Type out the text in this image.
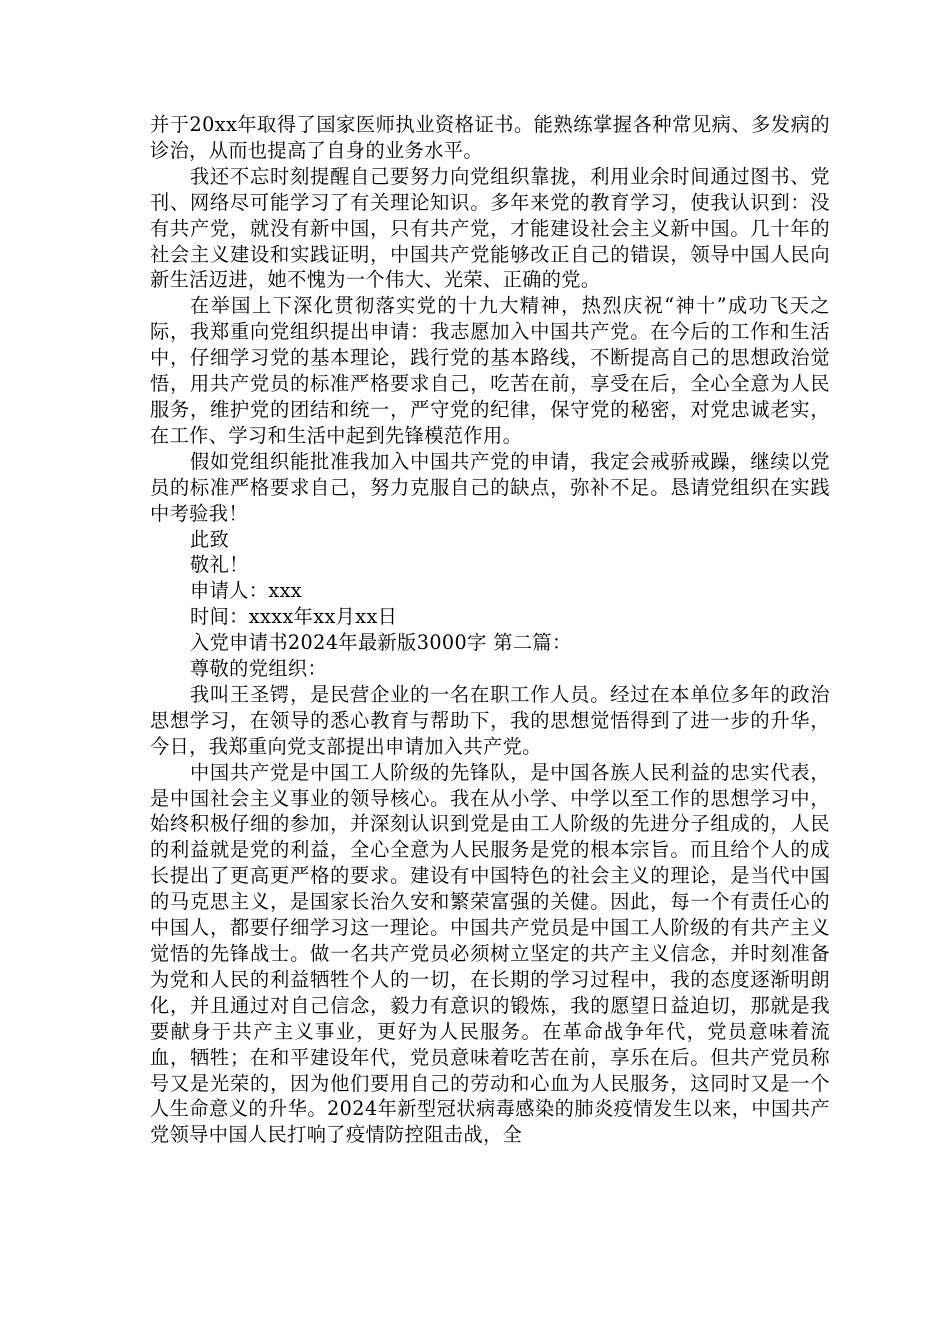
并于20xx年取得了国家医师执业资格证书。能熟练掌握各种常见病、多发病的诊治，从而也提高了自身的业务水平。

我还不忘时刻提醒自己要努力向党组织靠拢，利用业余时间通过图书、党刊、网络尽可能学习了有关理论知识。多年来党的教育学习，使我认识到：没有共产党，就没有新中国，只有共产党，才能建设社会主义新中国。几十年的社会主义建设和实践证明，中国共产党能够改正自己的错误，领导中国人民向新生活迈进，她不愧为一个伟大、光荣、正确的党。

在举国上下深化贯彻落实党的十九大精神，热烈庆祝“神十”成功飞天之际，我郑重向党组织提出申请：我志愿加入中国共产党。在今后的工作和生活中，仔细学习党的基本理论，践行党的基本路线，不断提高自己的思想政治觉悟，用共产党员的标准严格要求自己，吃苦在前，享受在后，全心全意为人民服务，维护党的团结和统一，严守党的纪律，保守党的秘密，对党忠诚老实，在工作、学习和生活中起到先锋模范作用。

假如党组织能批准我加入中国共产党的申请，我定会戒骄戒躁，继续以党员的标准严格要求自己，努力克服自己的缺点，弥补不足。恳请党组织在实践中考验我！

此致

敬礼！

申请人：xxx

时间：xxxx年xx月xx日

入党申请书2024年最新版3000字 第二篇：

尊敬的党组织：

我叫王圣锷，是民营企业的一名在职工作人员。经过在本单位多年的政治思想学习，在领导的悉心教育与帮助下，我的思想觉悟得到了进一步的升华，今日，我郑重向党支部提出申请加入共产党。

中国共产党是中国工人阶级的先锋队，是中国各族人民利益的忠实代表，是中国社会主义事业的领导核心。我在从小学、中学以至工作的思想学习中，始终积极仔细的参加，并深刻认识到党是由工人阶级的先进分子组成的，人民的利益就是党的利益，全心全意为人民服务是党的根本宗旨。而且给个人的成长提出了更高更严格的要求。建设有中国特色的社会主义的理论，是当代中国的马克思主义，是国家长治久安和繁荣富强的关健。因此，每一个有责任心的中国人，都要仔细学习这一理论。中国共产党员是中国工人阶级的有共产主义觉悟的先锋战士。做一名共产党员必须树立坚定的共产主义信念，并时刻准备为党和人民的利益牺牲个人的一切，在长期的学习过程中，我的态度逐渐明朗化，并且通过对自己信念，毅力有意识的锻炼，我的愿望日益迫切，那就是我要献身于共产主义事业，更好为人民服务。在革命战争年代，党员意味着流血，牺牲；在和平建设年代，党员意味着吃苦在前，享乐在后。但共产党员称号又是光荣的，因为他们要用自己的劳动和心血为人民服务，这同时又是一个人生命意义的升华。2024年新型冠状病毒感染的肺炎疫情发生以来，中国共产党领导中国人民打响了疫情防控阻击战，全
